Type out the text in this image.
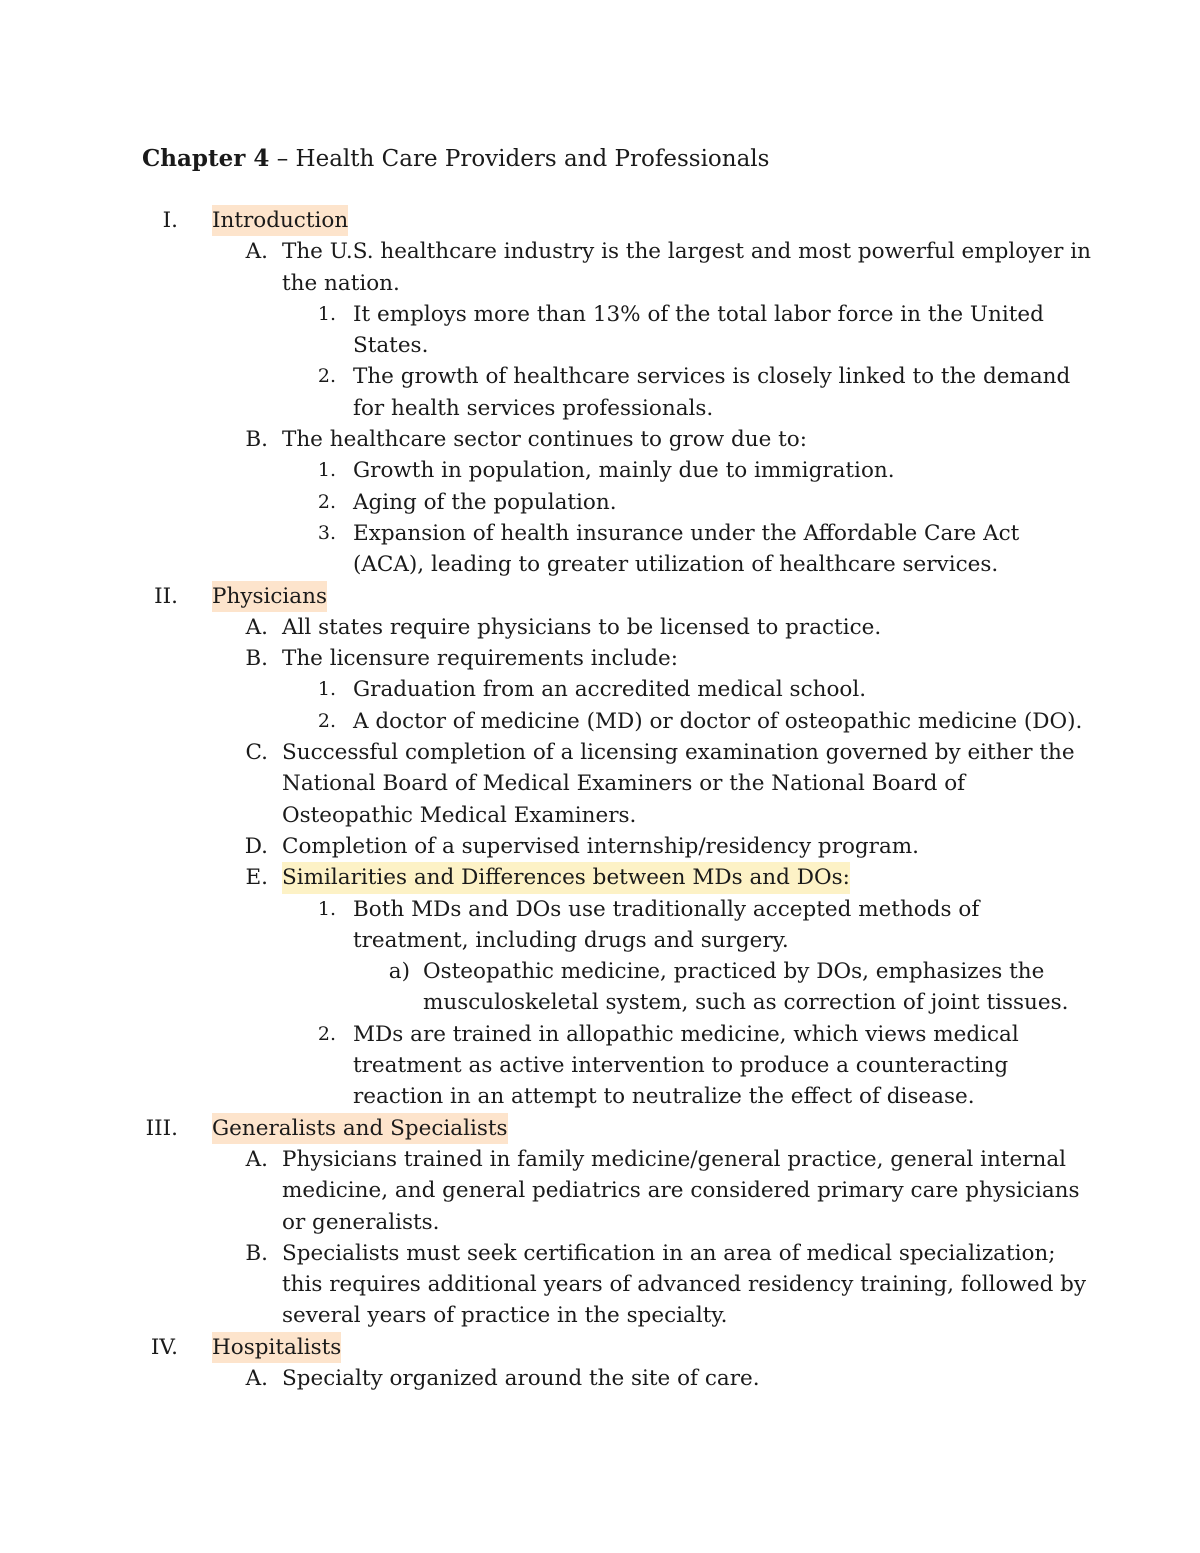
Chapter 4 – Health Care Providers and Professionals
I. Introduction
A. The U.S. healthcare industry is the largest and most powerful employer in
the nation.
1. It employs more than 13% of the total labor force in the United
States.
2. The growth of healthcare services is closely linked to the demand
for health services professionals.
B. The healthcare sector continues to grow due to:
1. Growth in population, mainly due to immigration.
2. Aging of the population.
3. Expansion of health insurance under the Affordable Care Act
(ACA), leading to greater utilization of healthcare services.
II. Physicians
A. All states require physicians to be licensed to practice.
B. The licensure requirements include:
1. Graduation from an accredited medical school.
2. A doctor of medicine (MD) or doctor of osteopathic medicine (DO).
C. Successful completion of a licensing examination governed by either the
National Board of Medical Examiners or the National Board of
Osteopathic Medical Examiners.
D. Completion of a supervised internship/residency program.
E. Similarities and Differences between MDs and DOs:
1. Both MDs and DOs use traditionally accepted methods of
treatment, including drugs and surgery.
a) Osteopathic medicine, practiced by DOs, emphasizes the
musculoskeletal system, such as correction of joint tissues.
2. MDs are trained in allopathic medicine, which views medical
treatment as active intervention to produce a counteracting
reaction in an attempt to neutralize the effect of disease.
III. Generalists and Specialists
A. Physicians trained in family medicine/general practice, general internal
medicine, and general pediatrics are considered primary care physicians
or generalists.
B. Specialists must seek certification in an area of medical specialization;
this requires additional years of advanced residency training, followed by
several years of practice in the specialty.
IV. Hospitalists
A. Specialty organized around the site of care.
